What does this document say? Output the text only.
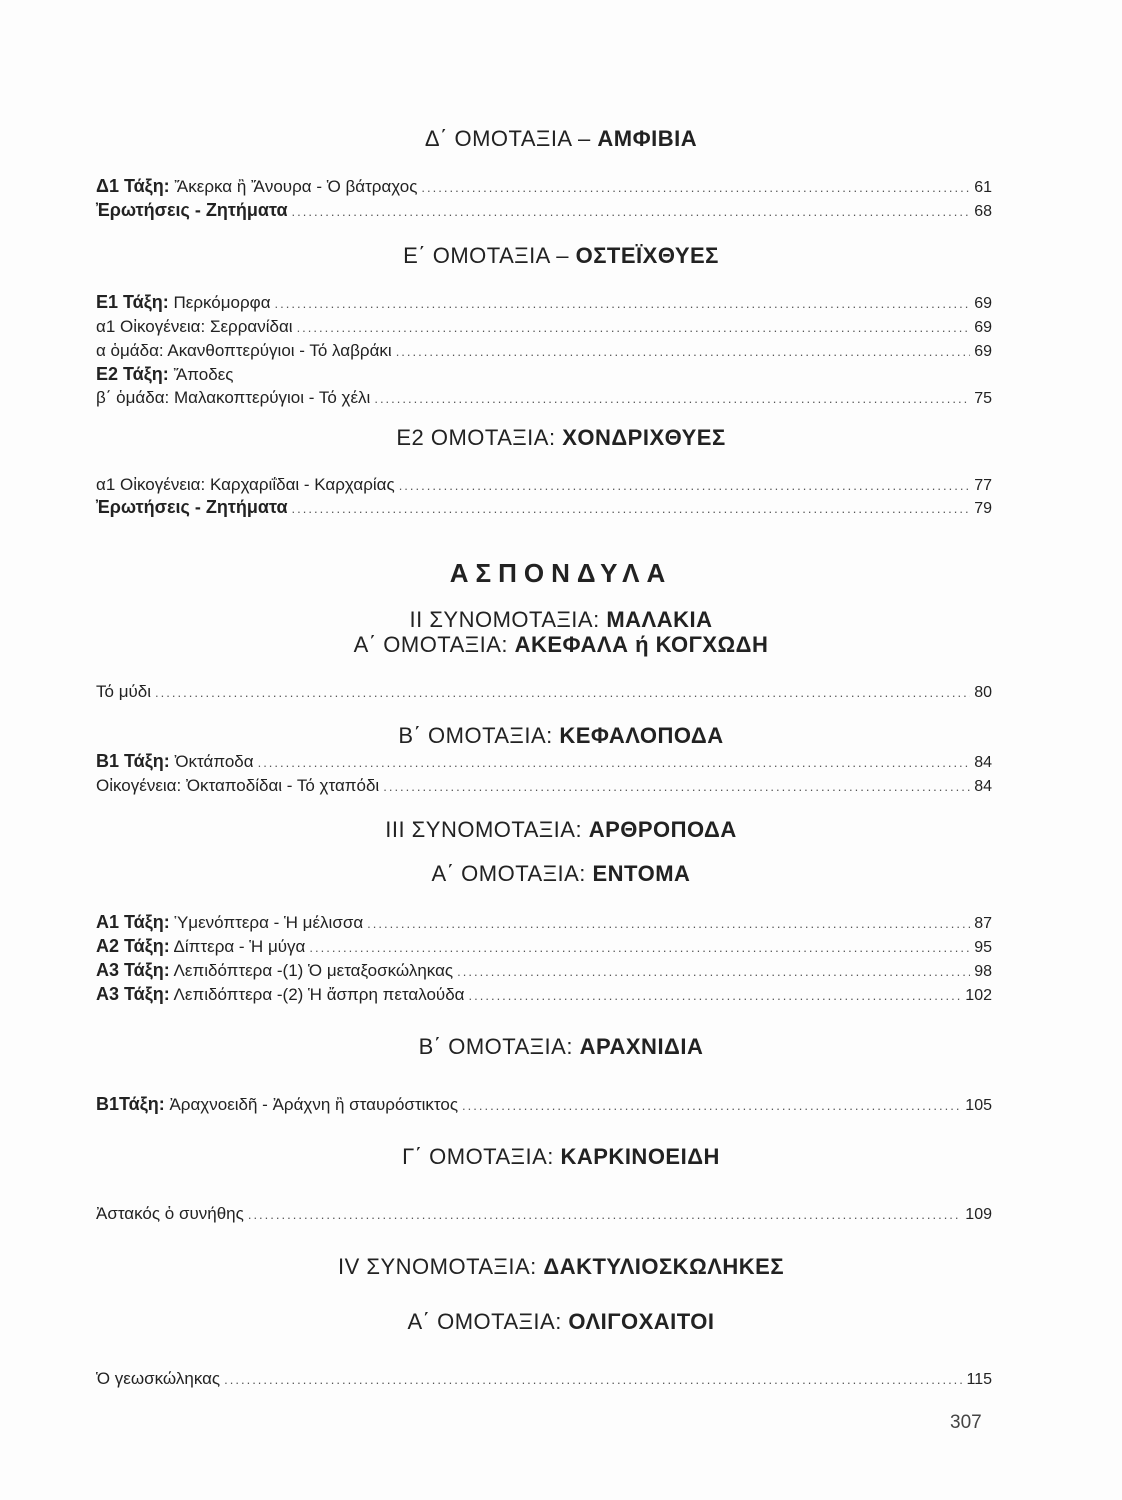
Δ΄ ΟΜΟΤΑΞΙΑ – ΑΜΦΙΒΙΑ
Δ1 Τάξη: Ἄκερκα ἢ Ἄνουρα - Ὁ βάτραχος .....	61
Ἐρωτήσεις - Ζητήματα .....	68
Ε΄ ΟΜΟΤΑΞΙΑ – ΟΣΤΕΪΧΘΥΕΣ
Ε1 Τάξη: Περκόμορφα .....	69
α1 Οἰκογένεια: Σερρανίδαι .....	69
α ὁμάδα: Ακανθοπτερύγιοι - Τό λαβράκι .....	69
Ε2 Τάξη: Ἄποδες
β΄ ὁμάδα: Μαλακοπτερύγιοι - Τό χέλι .....	75
Ε2 ΟΜΟΤΑΞΙΑ: ΧΟΝΔΡΙΧΘΥΕΣ
α1 Οἰκογένεια: Καρχαριΐδαι - Καρχαρίας .....	77
Ἐρωτήσεις - Ζητήματα .....	79
ΑΣΠΟΝΔΥΛΑ
ΙΙ ΣΥΝΟΜΟΤΑΞΙΑ: ΜΑΛΑΚΙΑ
Α΄ ΟΜΟΤΑΞΙΑ: ΑΚΕΦΑΛΑ ή ΚΟΓΧΩΔΗ
Τό μύδι .....	80
Β΄ ΟΜΟΤΑΞΙΑ: ΚΕΦΑΛΟΠΟΔΑ
Β1 Τάξη: Ὀκτάποδα .....	84
Οἰκογένεια: Ὀκταποδίδαι - Τό χταπόδι .....	84
ΙΙΙ ΣΥΝΟΜΟΤΑΞΙΑ: ΑΡΘΡΟΠΟΔΑ
Α΄ ΟΜΟΤΑΞΙΑ: ΕΝΤΟΜΑ
Α1 Τάξη: Ὑμενόπτερα - Ἡ μέλισσα .....	87
Α2 Τάξη: Δίπτερα - Ἡ μύγα .....	95
Α3 Τάξη: Λεπιδόπτερα -(1) Ὁ μεταξοσκώληκας .....	98
Α3 Τάξη: Λεπιδόπτερα -(2) Ἡ ἄσπρη πεταλούδα .....	102
Β΄ ΟΜΟΤΑΞΙΑ: ΑΡΑΧΝΙΔΙΑ
Β1Τάξη: Ἀραχνοειδῆ - Ἀράχνη ἢ σταυρόστικτος .....	105
Γ΄ ΟΜΟΤΑΞΙΑ: ΚΑΡΚΙΝΟΕΙΔΗ
Ἀστακός ὁ συνήθης .....	109
IV ΣΥΝΟΜΟΤΑΞΙΑ: ΔΑΚΤΥΛΙΟΣΚΩΛΗΚΕΣ
Α΄ ΟΜΟΤΑΞΙΑ: ΟΛΙΓΟΧΑΙΤΟΙ
Ὁ γεωσκώληκας .....	115
307
